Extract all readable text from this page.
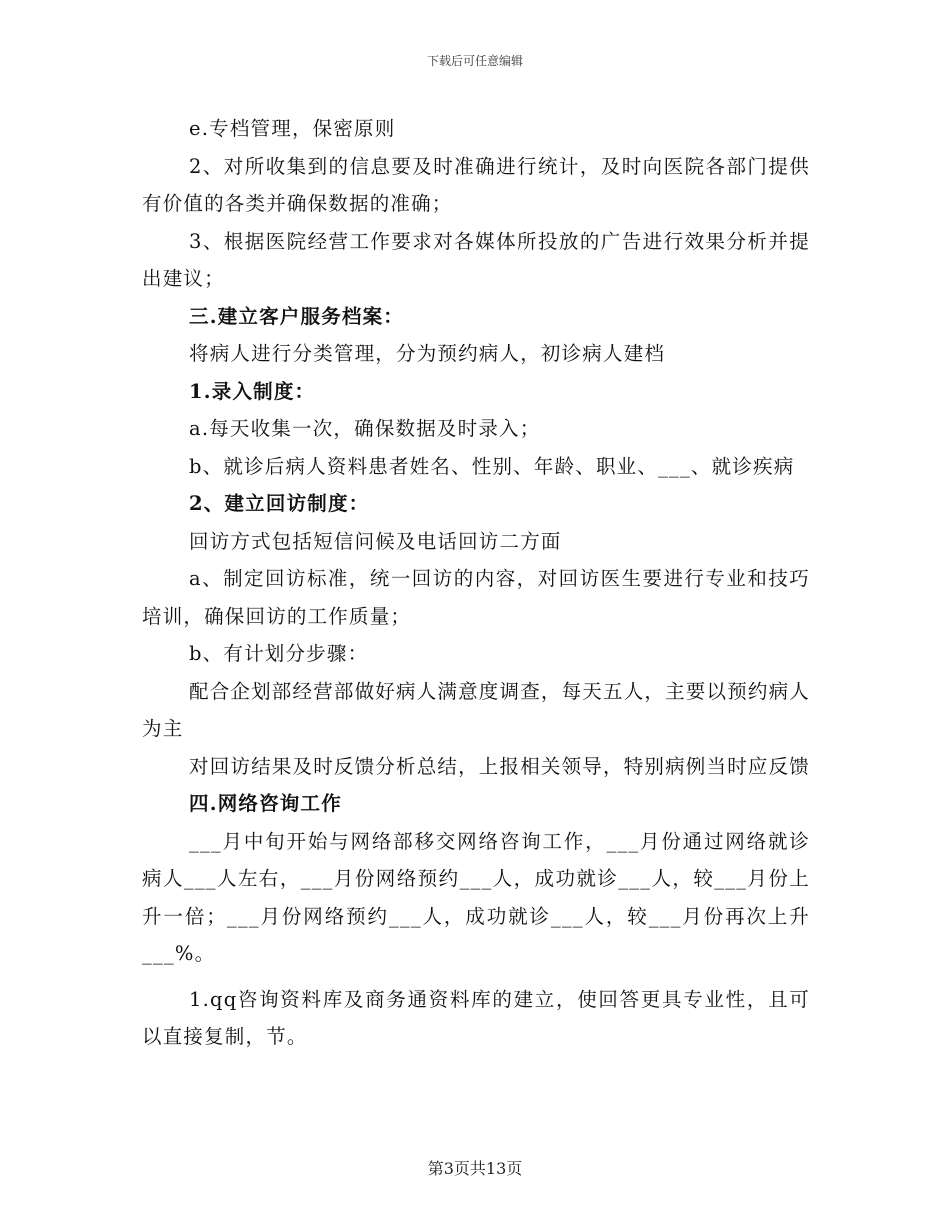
下载后可任意编辑

e.专档管理，保密原则

2、对所收集到的信息要及时准确进行统计，及时向医院各部门提供有价值的各类并确保数据的准确；

3、根据医院经营工作要求对各媒体所投放的广告进行效果分析并提出建议；

三.建立客户服务档案：

将病人进行分类管理，分为预约病人，初诊病人建档

1.录入制度：

a.每天收集一次，确保数据及时录入；

b、就诊后病人资料患者姓名、性别、年龄、职业、___、就诊疾病

2、建立回访制度：

回访方式包括短信问候及电话回访二方面

a、制定回访标准，统一回访的内容，对回访医生要进行专业和技巧培训，确保回访的工作质量；

b、有计划分步骤：

配合企划部经营部做好病人满意度调查，每天五人，主要以预约病人为主

对回访结果及时反馈分析总结，上报相关领导，特别病例当时应反馈

四.网络咨询工作

___月中旬开始与网络部移交网络咨询工作，___月份通过网络就诊病人___人左右，___月份网络预约___人，成功就诊___人，较___月份上升一倍；___月份网络预约___人，成功就诊___人，较___月份再次上升___%。

1.qq咨询资料库及商务通资料库的建立，使回答更具专业性，且可以直接复制，节。

第3页共13页
